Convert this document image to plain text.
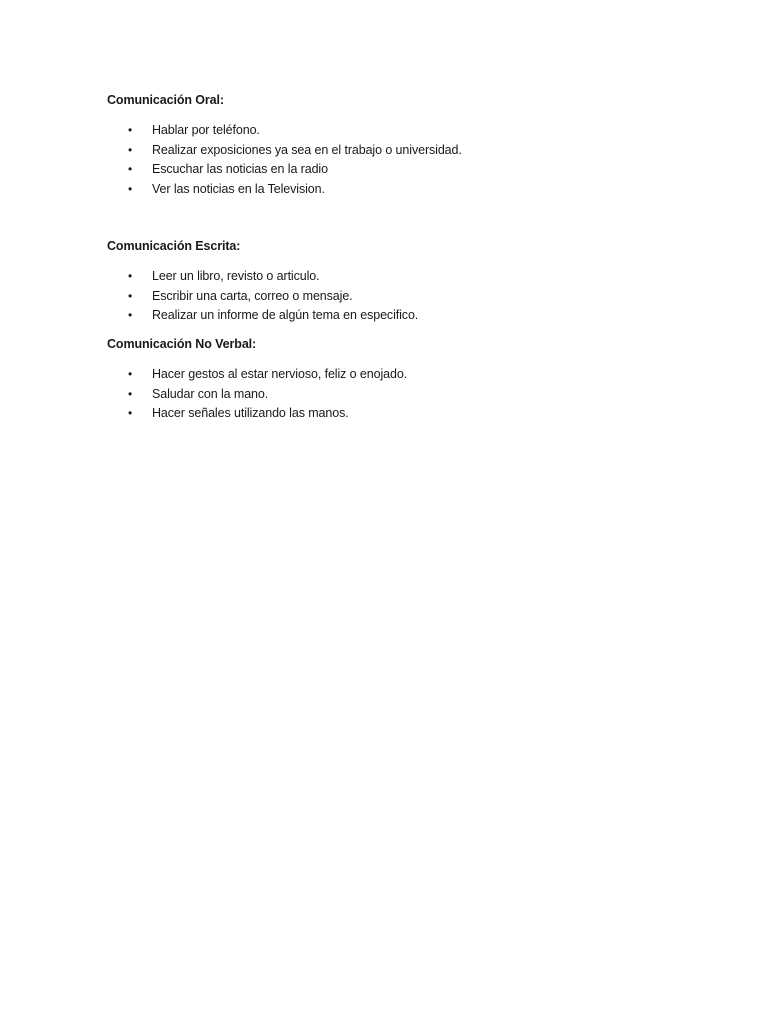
Comunicación Oral:

• Hablar por teléfono.
• Realizar exposiciones ya sea en el trabajo o universidad.
• Escuchar las noticias en la radio
• Ver las noticias en la Television.

Comunicación Escrita:

• Leer un libro, revisto o articulo.
• Escribir una carta, correo o mensaje.
• Realizar un informe de algún tema en especifico.

Comunicación No Verbal:

• Hacer gestos al estar nervioso, feliz o enojado.
• Saludar con la mano.
• Hacer señales utilizando las manos.
